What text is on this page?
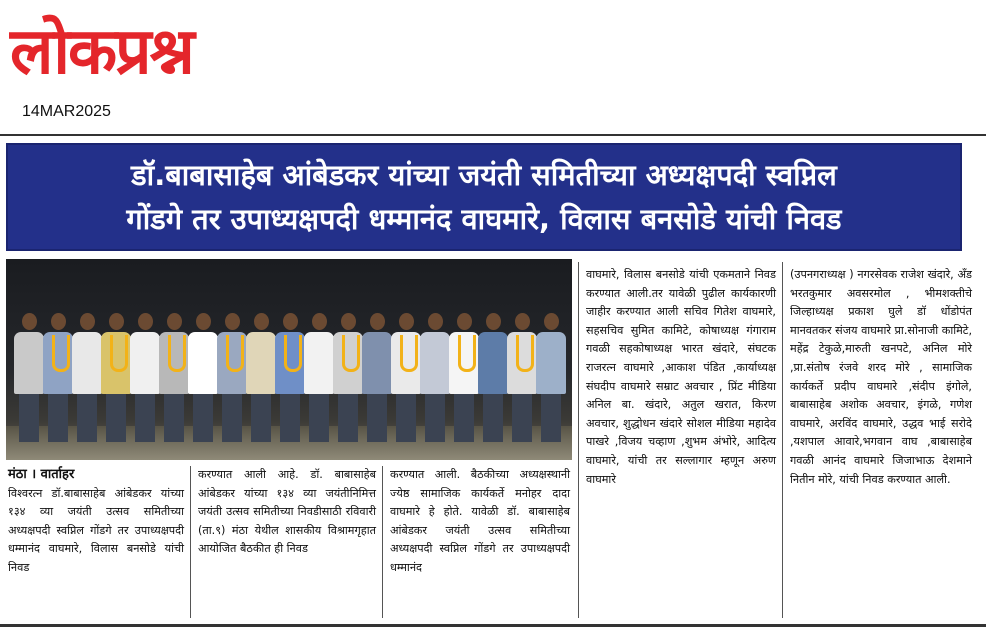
लोकप्रश्न
14MAR2025
डॉ.बाबासाहेब आंबेडकर यांच्या जयंती समितीच्या अध्यक्षपदी स्वप्निल
गोंडगे तर उपाध्यक्षपदी धम्मानंद वाघमारे, विलास बनसोडे यांची निवड

मंठा । वार्ताहर

विश्वरत्न डॉ.बाबासाहेब आंबेडकर यांच्या १३४ व्या जयंती उत्सव समितीच्या अध्यक्षपदी स्वप्निल गोंडगे तर उपाध्यक्षपदी धम्मानंद वाघमारे, विलास बनसोडे यांची निवड

करण्यात आली आहे. डॉ. बाबासाहेब आंबेडकर यांच्या १३४ व्या जयंतीनिमित्त जयंती उत्सव समितीच्या निवडीसाठी रविवारी (ता.९) मंठा येथील शासकीय विश्रामगृहात आयोजित बैठकीत ही निवड

करण्यात आली. बैठकीच्या अध्यक्षस्थानी ज्येष्ठ सामाजिक कार्यकर्ते मनोहर दादा वाघमारे हे होते. यावेळी डॉ. बाबासाहेब आंबेडकर जयंती उत्सव समितीच्या अध्यक्षपदी स्वप्निल गोंडगे तर उपाध्यक्षपदी धम्मानंद

वाघमारे, विलास बनसोडे यांची एकमताने निवड करण्यात आली.तर यावेळी पुढील कार्यकारणी जाहीर करण्यात आली सचिव गितेश वाघमारे, सहसचिव सुमित कामिटे, कोषाध्यक्ष गंगाराम गवळी सहकोषाध्यक्ष भारत खंदारे, संघटक राजरत्न वाघमारे ,आकाश पंडित ,कार्याध्यक्ष संघदीप वाघमारे सम्राट अवचार , प्रिंट मीडिया अनिल बा. खंदारे, अतुल खरात, किरण अवचार, शुद्धोधन खंदारे सोशल मीडिया महादेव पाखरे ,विजय चव्हाण ,शुभम अंभोरे, आदित्य वाघमारे, यांची तर सल्लागार म्हणून अरुण वाघमारे

(उपनगराध्यक्ष ) नगरसेवक राजेश खंदारे, अँड भरतकुमार अवसरमोल , भीमशक्तीचे जिल्हाध्यक्ष प्रकाश घुले डॉ धोंडोपंत मानवतकर संजय वाघमारे प्रा.सोनाजी कामिटे, महेंद्र टेकुळे,मारुती खनपटे, अनिल मोरे ,प्रा.संतोष रंजवे शरद मोरे , सामाजिक कार्यकर्ते प्रदीप वाघमारे ,संदीप इंगोले, बाबासाहेब अशोक अवचार, इंगळे, गणेश वाघमारे, अरविंद वाघमारे, उद्धव भाई सरोदे ,यशपाल आवारे,भगवान वाघ ,बाबासाहेब गवळी आनंद वाघमारे जिजाभाऊ देशमाने नितीन मोरे, यांची निवड करण्यात आली.
